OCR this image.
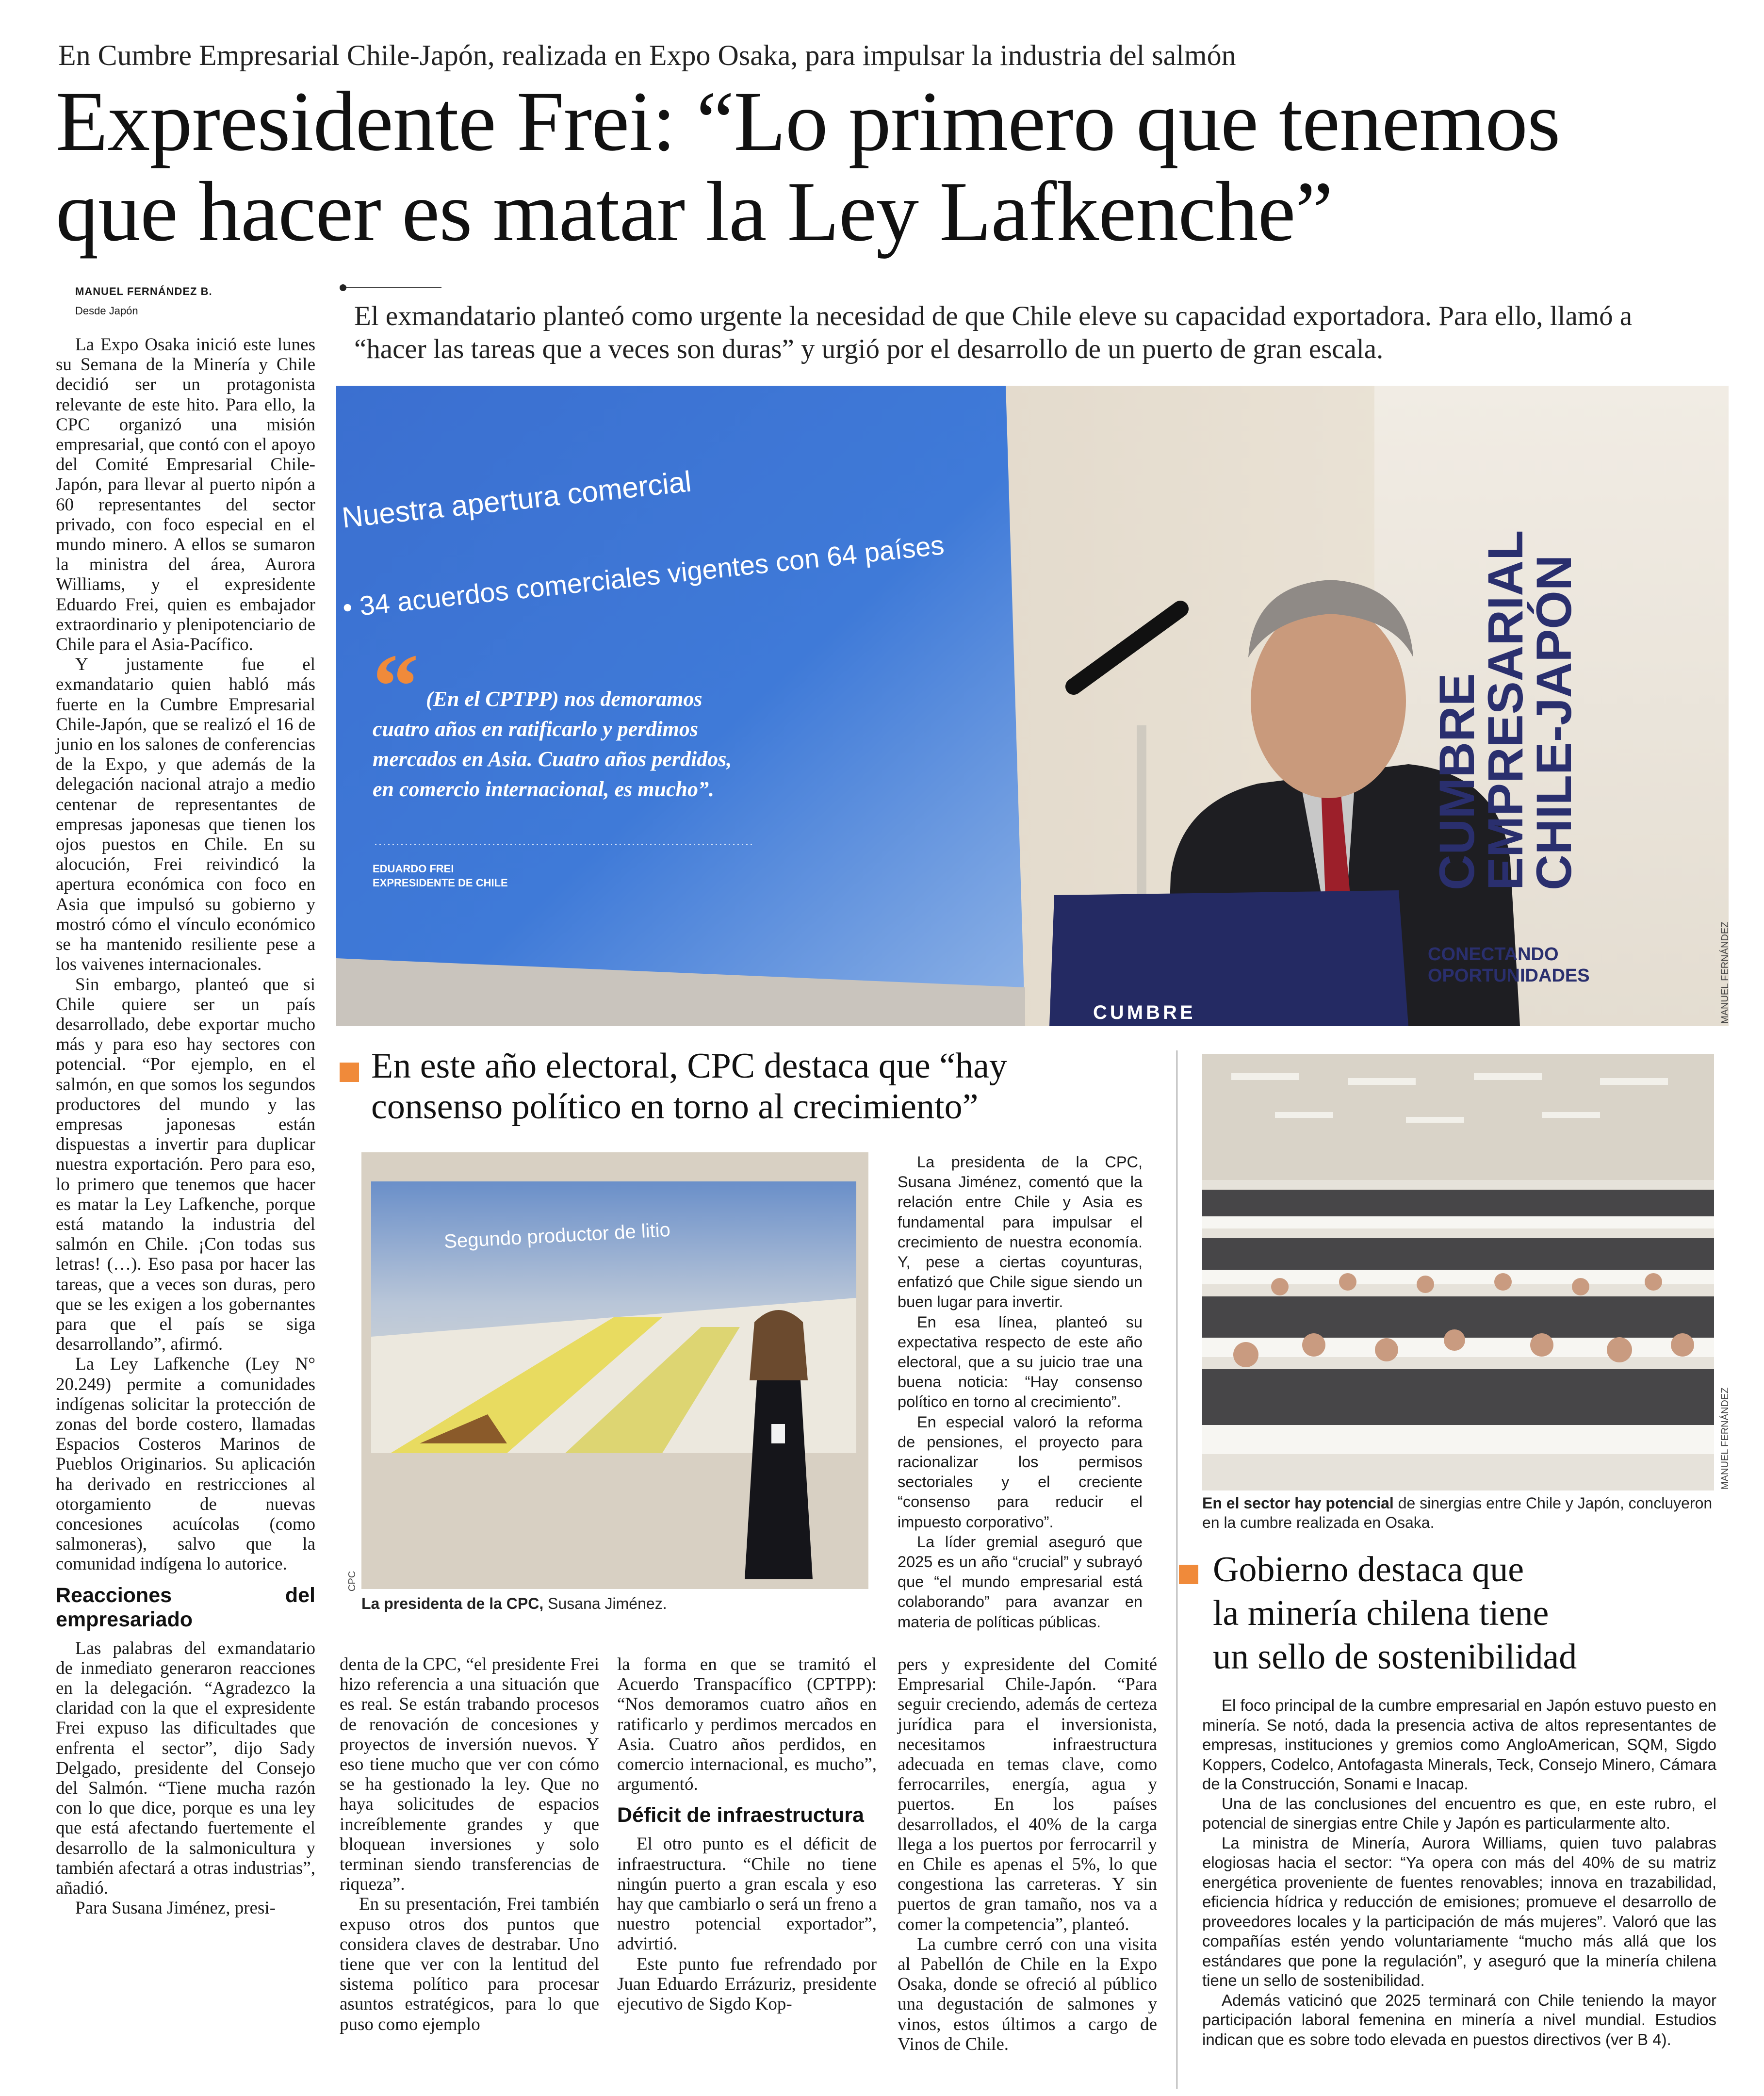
En Cumbre Empresarial Chile-Japón, realizada en Expo Osaka, para impulsar la industria del salmón
Expresidente Frei: “Lo primero que tenemos
que hacer es matar la Ley Lafkenche”
MANUEL FERNÁNDEZ B.
Desde Japón	El exmandatario planteó como urgente la necesidad de que Chile eleve su capacidad exportadora. Para ello, llamó a “hacer las tareas que a veces son duras” y urgió por el desarrollo de un puerto de gran escala.
Nuestra apertura comercial
• 34 acuerdos comerciales vigentes con 64 países
“ (En el CPTPP) nos demoramos cuatro años en ratificarlo y perdimos mercados en Asia. Cuatro años perdidos, en comercio internacional, es mucho”.
EDUARDO FREI
EXPRESIDENTE DE CHILE	CUMBRE
EMPRESARIAL
CHILE-JAPÓN
CONECTANDO
OPORTUNIDADES
CUMBRE	MANUEL FERNÁNDEZ

La Expo Osaka inició este lunes su Semana de la Minería y Chile decidió ser un protagonista relevante de este hito. Para ello, la CPC organizó una misión empresarial, que contó con el apoyo del Comité Empresarial Chile-Japón, para llevar al puerto nipón a 60 representantes del sector privado, con foco especial en el mundo minero. A ellos se sumaron la ministra del área, Aurora Williams, y el expresidente Eduardo Frei, quien es embajador extraordinario y plenipotenciario de Chile para el Asia-Pacífico.

Y justamente fue el exmandatario quien habló más fuerte en la Cumbre Empresarial Chile-Japón, que se realizó el 16 de junio en los salones de conferencias de la Expo, y que además de la delegación nacional atrajo a medio centenar de representantes de empresas japonesas que tienen los ojos puestos en Chile. En su alocución, Frei reivindicó la apertura económica con foco en Asia que impulsó su gobierno y mostró cómo el vínculo económico se ha mantenido resiliente pese a los vaivenes internacionales.

Sin embargo, planteó que si Chile quiere ser un país desarrollado, debe exportar mucho más y para eso hay sectores con potencial. “Por ejemplo, en el salmón, en que somos los segundos productores del mundo y las empresas japonesas están dispuestas a invertir para duplicar nuestra exportación. Pero para eso, lo primero que tenemos que hacer es matar la Ley Lafkenche, porque está matando la industria del salmón en Chile. ¡Con todas sus letras! (…). Eso pasa por hacer las tareas, que a veces son duras, pero que se les exigen a los gobernantes para que el país se siga desarrollando”, afirmó.

La Ley Lafkenche (Ley N° 20.249) permite a comunidades indígenas solicitar la protección de zonas del borde costero, llamadas Espacios Costeros Marinos de Pueblos Originarios. Su aplicación ha derivado en restricciones al otorgamiento de nuevas concesiones acuícolas (como salmoneras), salvo que la comunidad indígena lo autorice.

Reacciones del empresariado

Las palabras del exmandatario de inmediato generaron reacciones en la delegación. “Agradezco la claridad con la que el expresidente Frei expuso las dificultades que enfrenta el sector”, dijo Sady Delgado, presidente del Consejo del Salmón. “Tiene mucha razón con lo que dice, porque es una ley que está afectando fuertemente el desarrollo de la salmonicultura y también afectará a otras industrias”, añadió.

Para Susana Jiménez, presi-

En este año electoral, CPC destaca que “hay consenso político en torno al crecimiento”
Segundo productor de litio
CPC
La presidenta de la CPC, Susana Jiménez.

La presidenta de la CPC, Susana Jiménez, comentó que la relación entre Chile y Asia es fundamental para impulsar el crecimiento de nuestra economía. Y, pese a ciertas coyunturas, enfatizó que Chile sigue siendo un buen lugar para invertir.

En esa línea, planteó su expectativa respecto de este año electoral, que a su juicio trae una buena noticia: “Hay consenso político en torno al crecimiento”.

En especial valoró la reforma de pensiones, el proyecto para racionalizar los permisos sectoriales y el creciente “consenso para reducir el impuesto corporativo”.

La líder gremial aseguró que 2025 es un año “crucial” y subrayó que “el mundo empresarial está colaborando” para avanzar en materia de políticas públicas.

denta de la CPC, “el presidente Frei hizo referencia a una situación que es real. Se están trabando procesos de renovación de concesiones y proyectos de inversión nuevos. Y eso tiene mucho que ver con cómo se ha gestionado la ley. Que no haya solicitudes de espacios increíblemente grandes y que bloquean inversiones y solo terminan siendo transferencias de riqueza”.

En su presentación, Frei también expuso otros dos puntos que considera claves de destrabar. Uno tiene que ver con la lentitud del sistema político para procesar asuntos estratégicos, para lo que puso como ejemplo

la forma en que se tramitó el Acuerdo Transpacífico (CPTPP): “Nos demoramos cuatro años en ratificarlo y perdimos mercados en Asia. Cuatro años perdidos, en comercio internacional, es mucho”, argumentó.

Déficit de infraestructura

El otro punto es el déficit de infraestructura. “Chile no tiene ningún puerto a gran escala y eso hay que cambiarlo o será un freno a nuestro potencial exportador”, advirtió.

Este punto fue refrendado por Juan Eduardo Errázuriz, presidente ejecutivo de Sigdo Kop-

pers y expresidente del Comité Empresarial Chile-Japón. “Para seguir creciendo, además de certeza jurídica para el inversionista, necesitamos infraestructura adecuada en temas clave, como ferrocarriles, energía, agua y puertos. En los países desarrollados, el 40% de la carga llega a los puertos por ferrocarril y en Chile es apenas el 5%, lo que congestiona las carreteras. Y sin puertos de gran tamaño, nos va a comer la competencia”, planteó.

La cumbre cerró con una visita al Pabellón de Chile en la Expo Osaka, donde se ofreció al público una degustación de salmones y vinos, estos últimos a cargo de Vinos de Chile.

MANUEL FERNÁNDEZ
En el sector hay potencial de sinergias entre Chile y Japón, concluyeron en la cumbre realizada en Osaka.
Gobierno destaca que
la minería chilena tiene
un sello de sostenibilidad

El foco principal de la cumbre empresarial en Japón estuvo puesto en minería. Se notó, dada la presencia activa de altos representantes de empresas, instituciones y gremios como AngloAmerican, SQM, Sigdo Koppers, Codelco, Antofagasta Minerals, Teck, Consejo Minero, Cámara de la Construcción, Sonami e Inacap.

Una de las conclusiones del encuentro es que, en este rubro, el potencial de sinergias entre Chile y Japón es particularmente alto.

La ministra de Minería, Aurora Williams, quien tuvo palabras elogiosas hacia el sector: “Ya opera con más del 40% de su matriz energética proveniente de fuentes renovables; innova en trazabilidad, eficiencia hídrica y reducción de emisiones; promueve el desarrollo de proveedores locales y la participación de más mujeres”. Valoró que las compañías estén yendo voluntariamente “mucho más allá que los estándares que pone la regulación”, y aseguró que la minería chilena tiene un sello de sostenibilidad.

Además vaticinó que 2025 terminará con Chile teniendo la mayor participación laboral femenina en minería a nivel mundial. Estudios indican que es sobre todo elevada en puestos directivos (ver B 4).
